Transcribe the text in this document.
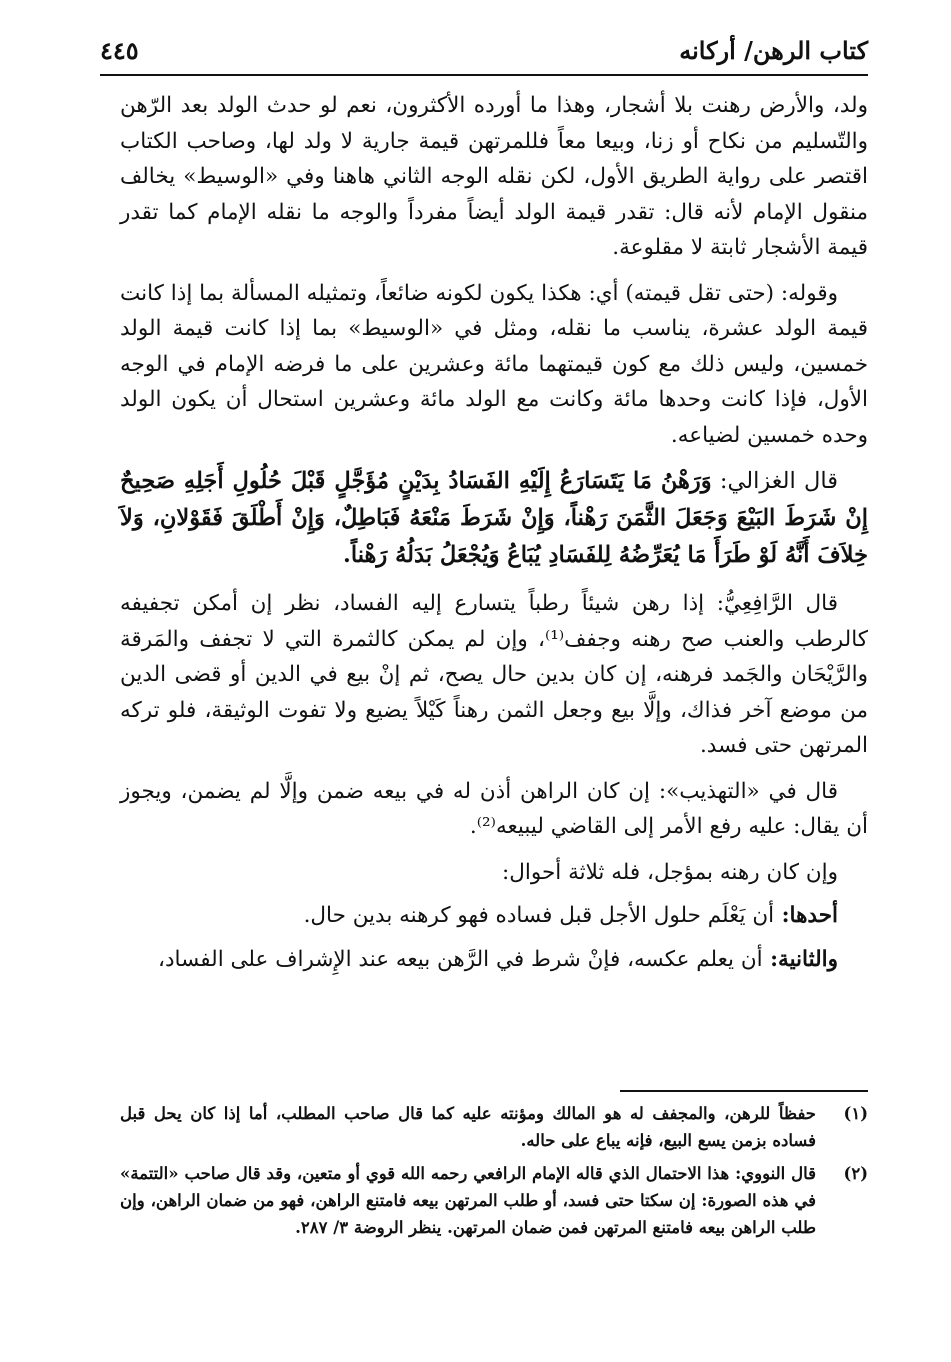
كتاب الرهن/ أركانه
٤٤٥

ولد، والأرض رهنت بلا أشجار، وهذا ما أورده الأكثرون، نعم لو حدث الولد بعد الرّهن والتّسليم من نكاح أو زنا، وبيعا معاً فللمرتهن قيمة جارية لا ولد لها، وصاحب الكتاب اقتصر على رواية الطريق الأول، لكن نقله الوجه الثاني هاهنا وفي «الوسيط» يخالف منقول الإمام لأنه قال: تقدر قيمة الولد أيضاً مفرداً والوجه ما نقله الإمام كما تقدر قيمة الأشجار ثابتة لا مقلوعة.

وقوله: (حتى تقل قيمته) أي: هكذا يكون لكونه ضائعاً، وتمثيله المسألة بما إذا كانت قيمة الولد عشرة، يناسب ما نقله، ومثل في «الوسيط» بما إذا كانت قيمة الولد خمسين، وليس ذلك مع كون قيمتهما مائة وعشرين على ما فرضه الإمام في الوجه الأول، فإذا كانت وحدها مائة وكانت مع الولد مائة وعشرين استحال أن يكون الولد وحده خمسين لضياعه.

قال الغزالي: وَرَهْنُ مَا يَتَسَارَعُ إِلَيْهِ الفَسَادُ بِدَيْنٍ مُؤَجَّلٍ قَبْلَ حُلُولِ أَجَلِهِ صَحِيحٌ إِنْ شَرَطَ البَيْعَ وَجَعَلَ الثَّمَنَ رَهْناً، وَإِنْ شَرَطَ مَنْعَهُ فَبَاطِلٌ، وَإِنْ أَطْلَقَ فَقَوْلانِ، وَلاَ خِلاَفَ أَنَّهُ لَوْ طَرَأَ مَا يُعَرِّضُهُ لِلفَسَادِ يُبَاعُ وَيُجْعَلُ بَدَلُهُ رَهْناً.

قال الرَّافِعِيُّ: إذا رهن شيئاً رطباً يتسارع إليه الفساد، نظر إن أمكن تجفيفه كالرطب والعنب صح رهنه وجفف⁽¹⁾، وإن لم يمكن كالثمرة التي لا تجفف والمَرقة والرَّيْحَان والجَمد فرهنه، إن كان بدين حال يصح، ثم إنْ بيع في الدين أو قضى الدين من موضع آخر فذاك، وإلَّا بيع وجعل الثمن رهناً كَيْلاً يضيع ولا تفوت الوثيقة، فلو تركه المرتهن حتى فسد.

قال في «التهذيب»: إن كان الراهن أذن له في بيعه ضمن وإلَّا لم يضمن، ويجوز أن يقال: عليه رفع الأمر إلى القاضي ليبيعه⁽²⁾.

وإن كان رهنه بمؤجل، فله ثلاثة أحوال:

أحدها: أن يَعْلَم حلول الأجل قبل فساده فهو كرهنه بدين حال.

والثانية: أن يعلم عكسه، فإنْ شرط في الرَّهن بيعه عند الإِشراف على الفساد،

(١)
حفظاً للرهن، والمجفف له هو المالك ومؤنته عليه كما قال صاحب المطلب، أما إذا كان يحل قبل فساده بزمن يسع البيع، فإنه يباع على حاله.
(٢)
قال النووي: هذا الاحتمال الذي قاله الإمام الرافعي رحمه الله قوي أو متعين، وقد قال صاحب «التتمة» في هذه الصورة: إن سكتا حتى فسد، أو طلب المرتهن بيعه فامتنع الراهن، فهو من ضمان الراهن، وإن طلب الراهن بيعه فامتنع المرتهن فمن ضمان المرتهن. ينظر الروضة ٣/ ٢٨٧.
